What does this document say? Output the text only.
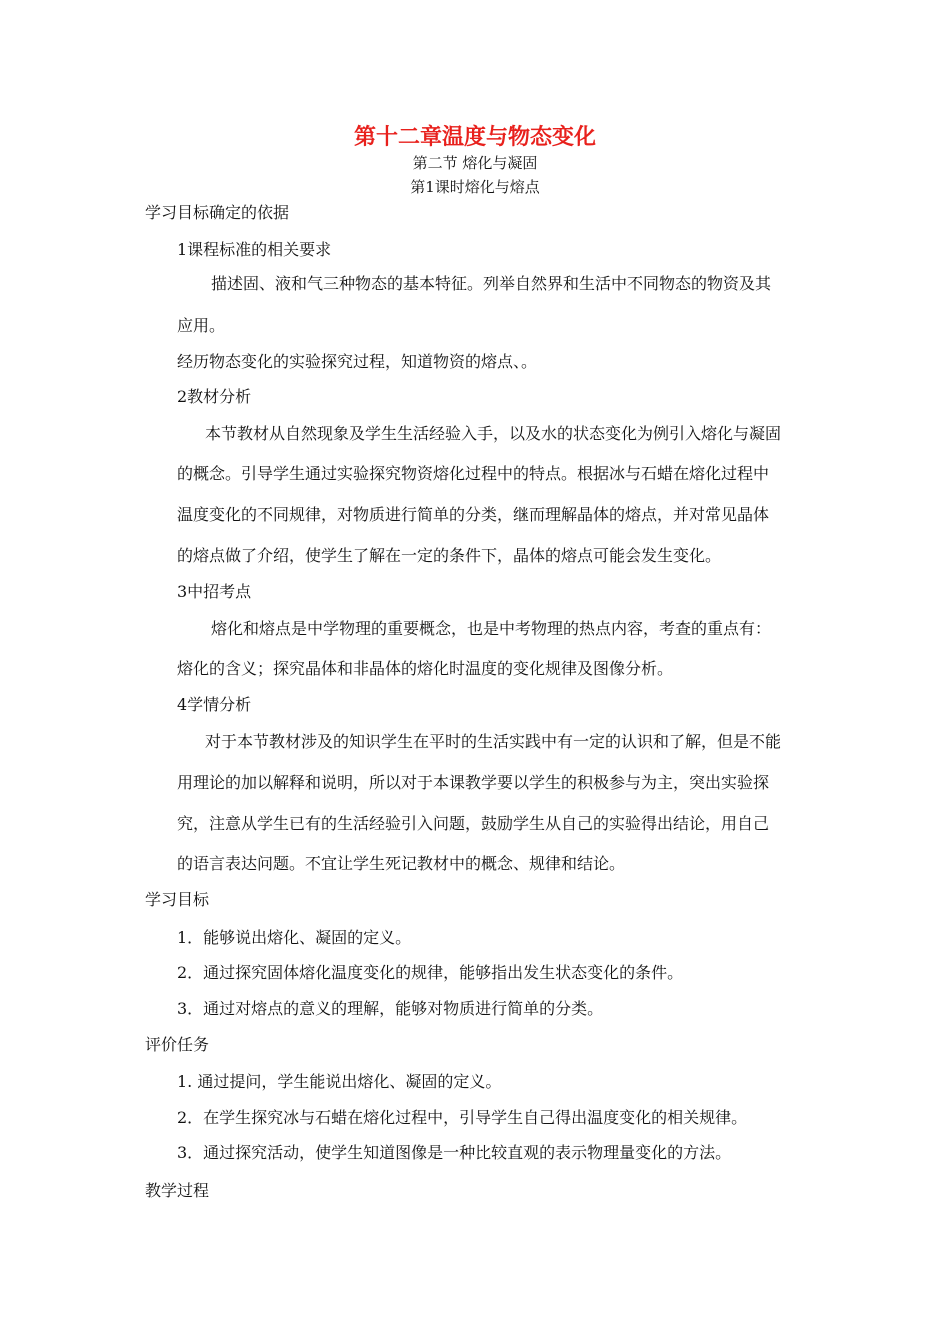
第十二章温度与物态变化
第二节 熔化与凝固
第1课时熔化与熔点
学习目标确定的依据
1课程标准的相关要求
描述固、液和气三种物态的基本特征。列举自然界和生活中不同物态的物资及其
应用。
经历物态变化的实验探究过程，知道物资的熔点、。
2教材分析
本节教材从自然现象及学生生活经验入手，以及水的状态变化为例引入熔化与凝固
的概念。引导学生通过实验探究物资熔化过程中的特点。根据冰与石蜡在熔化过程中
温度变化的不同规律，对物质进行简单的分类，继而理解晶体的熔点，并对常见晶体
的熔点做了介绍，使学生了解在一定的条件下，晶体的熔点可能会发生变化。
3中招考点
熔化和熔点是中学物理的重要概念，也是中考物理的热点内容，考查的重点有：
熔化的含义；探究晶体和非晶体的熔化时温度的变化规律及图像分析。
4学情分析
对于本节教材涉及的知识学生在平时的生活实践中有一定的认识和了解，但是不能
用理论的加以解释和说明，所以对于本课教学要以学生的积极参与为主，突出实验探
究，注意从学生已有的生活经验引入问题，鼓励学生从自己的实验得出结论，用自己
的语言表达问题。不宜让学生死记教材中的概念、规律和结论。
学习目标
1．能够说出熔化、凝固的定义。
2．通过探究固体熔化温度变化的规律，能够指出发生状态变化的条件。
3．通过对熔点的意义的理解，能够对物质进行简单的分类。
评价任务
1. 通过提问，学生能说出熔化、凝固的定义。
2．在学生探究冰与石蜡在熔化过程中，引导学生自己得出温度变化的相关规律。
3．通过探究活动，使学生知道图像是一种比较直观的表示物理量变化的方法。
教学过程
